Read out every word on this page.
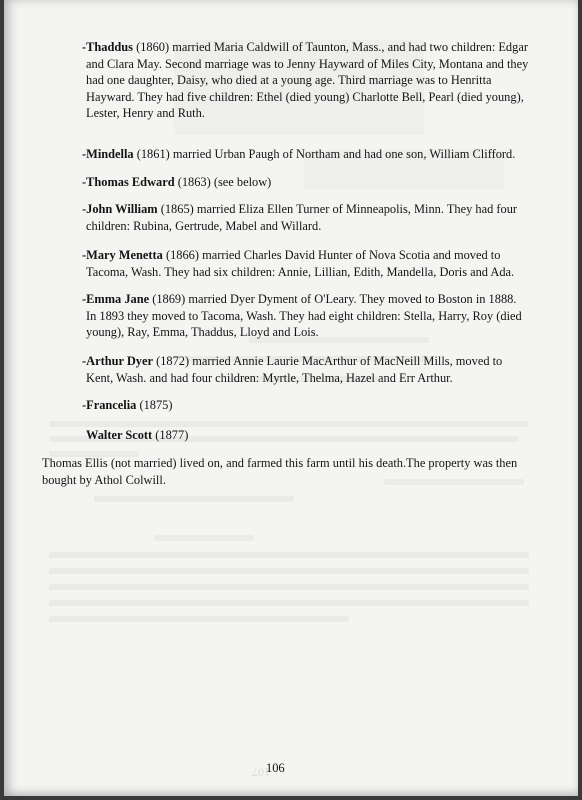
-Thaddus (1860) married Maria Caldwill of Taunton, Mass., and had two children: Edgar
and Clara May. Second marriage was to Jenny Hayward of Miles City, Montana and they
had one daughter, Daisy, who died at a young age. Third marriage was to Henritta
Hayward. They had five children: Ethel (died young) Charlotte Bell, Pearl (died young),
Lester, Henry and Ruth.

-Mindella (1861) married Urban Paugh of Northam and had one son, William Clifford.

-Thomas Edward (1863) (see below)

-John William (1865) married Eliza Ellen Turner of Minneapolis, Minn. They had four
children: Rubina, Gertrude, Mabel and Willard.

-Mary Menetta (1866) married Charles David Hunter of Nova Scotia and moved to
Tacoma, Wash. They had six children: Annie, Lillian, Edith, Mandella, Doris and Ada.

-Emma Jane (1869) married Dyer Dyment of O'Leary. They moved to Boston in 1888.
In 1893 they moved to Tacoma, Wash. They had eight children: Stella, Harry, Roy (died
young), Ray, Emma, Thaddus, Lloyd and Lois.

-Arthur Dyer (1872) married Annie Laurie MacArthur of MacNeill Mills, moved to
Kent, Wash. and had four children: Myrtle, Thelma, Hazel and Err Arthur.

-Francelia (1875)

Walter Scott (1877)

Thomas Ellis (not married) lived on, and farmed this farm until his death.The property was then
bought by Athol Colwill.

107

106
